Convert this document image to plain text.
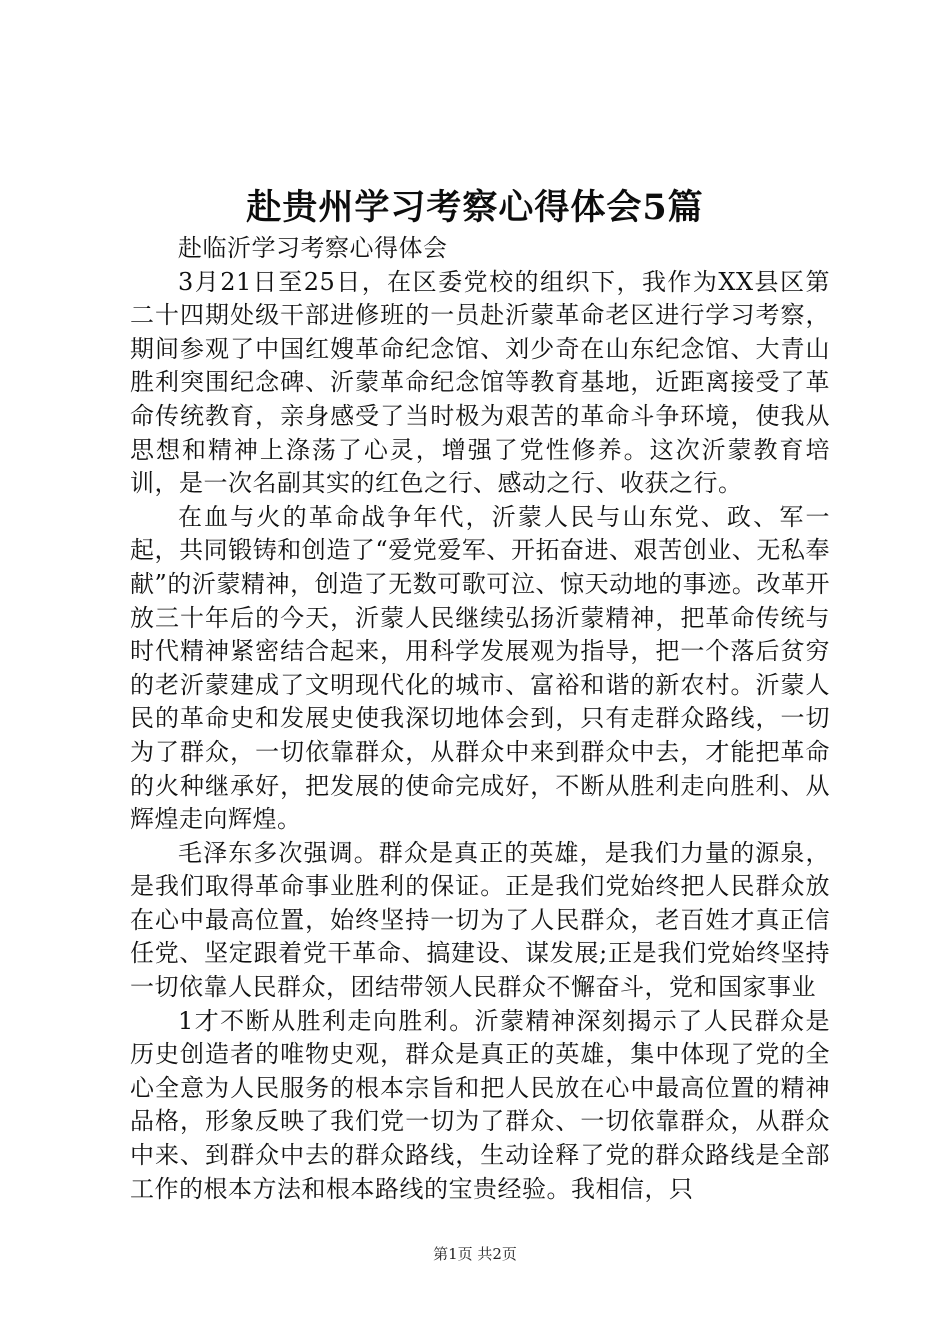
赴贵州学习考察心得体会5篇

赴临沂学习考察心得体会

3月21日至25日，在区委党校的组织下，我作为XX县区第二十四期处级干部进修班的一员赴沂蒙革命老区进行学习考察，期间参观了中国红嫂革命纪念馆、刘少奇在山东纪念馆、大青山胜利突围纪念碑、沂蒙革命纪念馆等教育基地，近距离接受了革命传统教育，亲身感受了当时极为艰苦的革命斗争环境，使我从思想和精神上涤荡了心灵，增强了党性修养。这次沂蒙教育培训，是一次名副其实的红色之行、感动之行、收获之行。

在血与火的革命战争年代，沂蒙人民与山东党、政、军一起，共同锻铸和创造了“爱党爱军、开拓奋进、艰苦创业、无私奉献”的沂蒙精神，创造了无数可歌可泣、惊天动地的事迹。改革开放三十年后的今天，沂蒙人民继续弘扬沂蒙精神，把革命传统与时代精神紧密结合起来，用科学发展观为指导，把一个落后贫穷的老沂蒙建成了文明现代化的城市、富裕和谐的新农村。沂蒙人民的革命史和发展史使我深切地体会到，只有走群众路线，一切为了群众，一切依靠群众，从群众中来到群众中去，才能把革命的火种继承好，把发展的使命完成好，不断从胜利走向胜利、从辉煌走向辉煌。

毛泽东多次强调。群众是真正的英雄，是我们力量的源泉，是我们取得革命事业胜利的保证。正是我们党始终把人民群众放在心中最高位置，始终坚持一切为了人民群众，老百姓才真正信任党、坚定跟着党干革命、搞建设、谋发展;正是我们党始终坚持一切依靠人民群众，团结带领人民群众不懈奋斗，党和国家事业

1才不断从胜利走向胜利。沂蒙精神深刻揭示了人民群众是历史创造者的唯物史观，群众是真正的英雄，集中体现了党的全心全意为人民服务的根本宗旨和把人民放在心中最高位置的精神品格，形象反映了我们党一切为了群众、一切依靠群众，从群众中来、到群众中去的群众路线，生动诠释了党的群众路线是全部工作的根本方法和根本路线的宝贵经验。我相信，只

第1页 共2页
